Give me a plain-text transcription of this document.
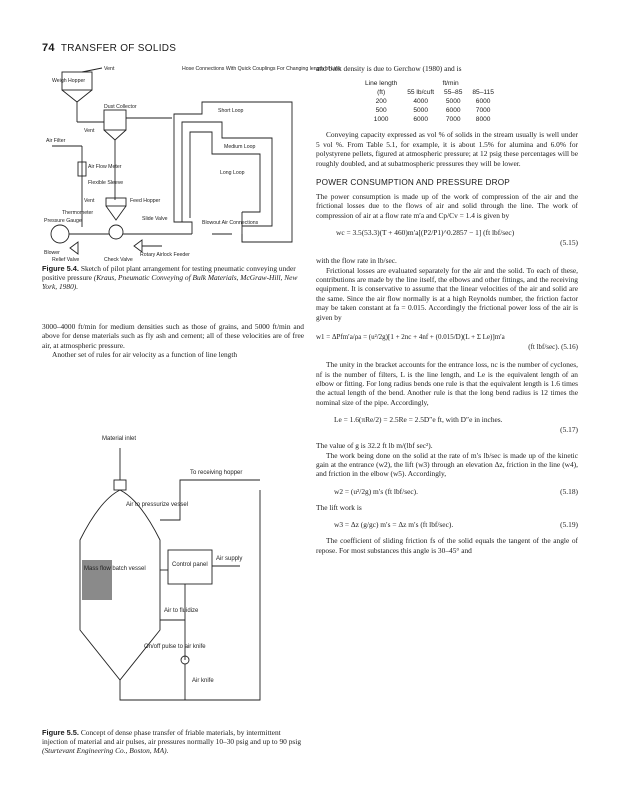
74 TRANSFER OF SOLIDS
Vent
Weigh Hopper
Hose Connections With Quick Couplings For Changing length of Line
Dust Collector
Vent
Air Filter
Short Loop
Medium Loop
Long Loop
Air Flow Meter
Flexible Sleeve
Vent	Feed Hopper
Thermometer
Pressure Gauge	Slide Valve
Blowout Air Connections
Rotary Airlock Feeder
Blower
Relief Valve	Check Valve
Figure 5.4. Sketch of pilot plant arrangement for testing pneumatic conveying under positive pressure (Kraus, Pneumatic Conveying of Bulk Materials, McGraw-Hill, New York, 1980).

3000–4000 ft/min for medium densities such as those of grains, and 5000 ft/min and above for dense materials such as fly ash and cement; all of these velocities are of free air, at atmospheric pressure.

Another set of rules for air velocity as a function of line length

Material inlet
To receiving hopper
Air to pressurize vessel
Mass flow batch vessel
Control panel
Air supply
Air to fluidize
On/off pulse to air knife
Air knife
Figure 5.5. Concept of dense phase transfer of friable materials, by intermittent injection of material and air pulses, air pressures normally 10–30 psig and up to 90 psig (Sturtevant Engineering Co., Boston, MA).
and bulk density is due to Gerchow (1980) and is
Line length	ft/min		
(ft)	55 lb/cuft	55–85	85–115
200	4000	5000	6000
500	5000	6000	7000
1000	6000	7000	8000
Conveying capacity expressed as vol % of solids in the stream usually is well under 5 vol %. From Table 5.1, for example, it is about 1.5% for alumina and 6.0% for polystyrene pellets, figured at atmospheric pressure; at 12 psig these percentages will be roughly doubled, and at subatmospheric pressures they will be lower.
POWER CONSUMPTION AND PRESSURE DROP
The power consumption is made up of the work of compression of the air and the frictional losses due to the flows of air and solid through the line. The work of compression of air at a flow rate m′a and Cp/Cv = 1.4 is given by
wc = 3.5(53.3)(T + 460)m′a[(P2/P1)^0.2857 − 1] (ft lbf/sec)
(5.15)
with the flow rate in lb/sec.
Frictional losses are evaluated separately for the air and the solid. To each of these, contributions are made by the line itself, the elbows and other fittings, and the receiving equipment. It is conservative to assume that the linear velocities of the air and solid are the same. Since the air flow normally is at a high Reynolds number, the friction factor may be taken constant at fa = 0.015. Accordingly the frictional power loss of the air is given by
w1 = ΔPfm′a/ρa = (u²/2g)[1 + 2nc + 4nf + (0.015/D)(L + Σ Le)]m′a
(ft lbf/sec). (5.16)
The unity in the bracket accounts for the entrance loss, nc is the number of cyclones, nf is the number of filters, L is the line length, and Le is the equivalent length of an elbow or fitting. For long radius bends one rule is that the equivalent length is 1.6 times the actual length of the bend. Another rule is that the long bend radius is 12 times the nominal size of the pipe. Accordingly,
Le = 1.6(πRe/2) = 2.5Re = 2.5D″e ft, with D″e in inches.
(5.17)
The value of g is 32.2 ft lb m/(lbf sec²).
The work being done on the solid at the rate of m′s lb/sec is made up of the kinetic gain at the entrance (w2), the lift (w3) through an elevation Δz, friction in the line (w4), and friction in the elbow (w5). Accordingly,
w2 = (u²/2g) m′s (ft lbf/sec).	(5.18)
The lift work is
w3 = Δz (g/gc) m′s = Δz m′s (ft lbf/sec).	(5.19)
The coefficient of sliding friction fs of the solid equals the tangent of the angle of repose. For most substances this angle is 30–45° and
